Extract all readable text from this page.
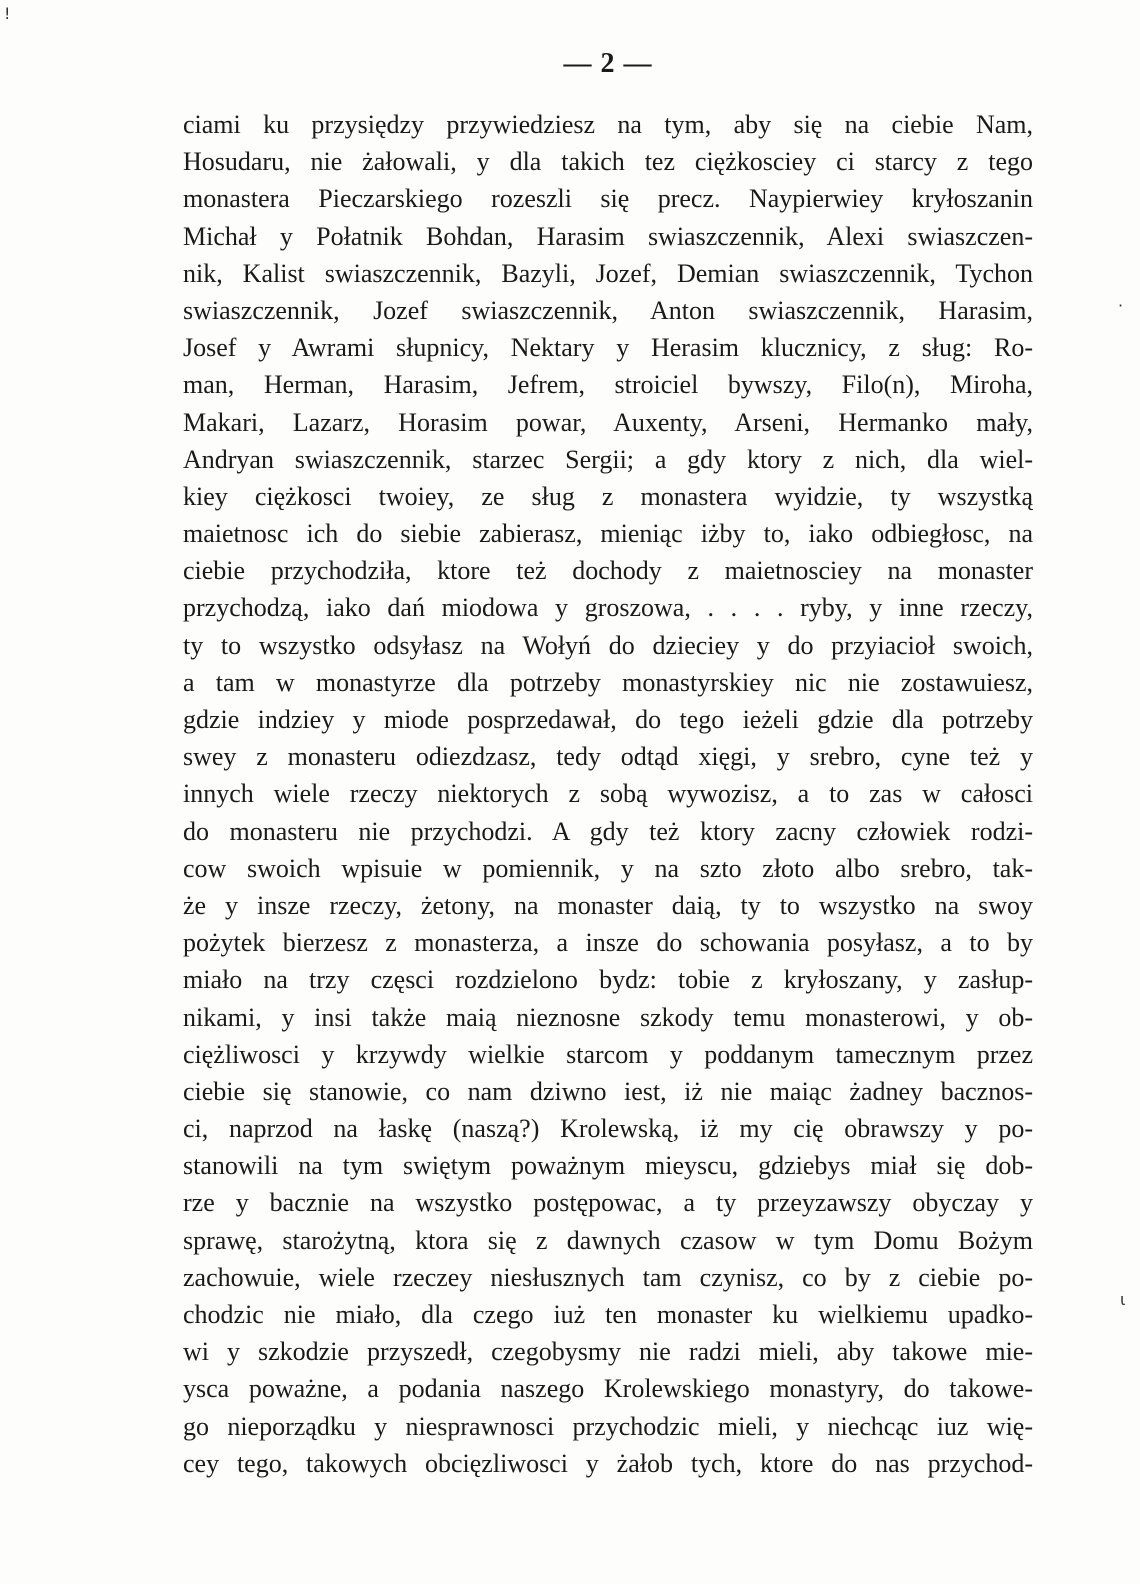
— 2 —
ciami ku przysiędzy przywiedziesz na tym, aby się na ciebie Nam,
Hosudaru, nie żałowali, y dla takich tez ciężkosciey ci starcy z tego
monastera Pieczarskiego rozeszli się precz. Naypierwiey kryłoszanin
Michał y Połatnik Bohdan, Harasim swiaszczennik, Alexi swiaszczen-
nik, Kalist swiaszczennik, Bazyli, Jozef, Demian swiaszczennik, Tychon
swiaszczennik, Jozef swiaszczennik, Anton swiaszczennik, Harasim,
Josef y Awrami słupnicy, Nektary y Herasim klucznicy, z sług: Ro-
man, Herman, Harasim, Jefrem, stroiciel bywszy, Filo(n), Miroha,
Makari, Lazarz, Horasim powar, Auxenty, Arseni, Hermanko mały,
Andryan swiaszczennik, starzec Sergii; a gdy ktory z nich, dla wiel-
kiey ciężkosci twoiey, ze sług z monastera wyidzie, ty wszystką
maietnosc ich do siebie zabierasz, mieniąc iżby to, iako odbiegłosc, na
ciebie przychodziła, ktore też dochody z maietnosciey na monaster
przychodzą, iako dań miodowa y groszowa, . . . . ryby, y inne rzeczy,
ty to wszystko odsyłasz na Wołyń do dzieciey y do przyiacioł swoich,
a tam w monastyrze dla potrzeby monastyrskiey nic nie zostawuiesz,
gdzie indziey y miode posprzedawał, do tego ieżeli gdzie dla potrzeby
swey z monasteru odiezdzasz, tedy odtąd xięgi, y srebro, cyne też y
innych wiele rzeczy niektorych z sobą wywozisz, a to zas w całosci
do monasteru nie przychodzi. A gdy też ktory zacny człowiek rodzi-
cow swoich wpisuie w pomiennik, y na szto złoto albo srebro, tak-
że y insze rzeczy, żetony, na monaster daią, ty to wszystko na swoy
pożytek bierzesz z monasterza, a insze do schowania posyłasz, a to by
miało na trzy częsci rozdzielono bydz: tobie z kryłoszany, y zasłup-
nikami, y insi także maią nieznosne szkody temu monasterowi, y ob-
ciężliwosci y krzywdy wielkie starcom y poddanym tamecznym przez
ciebie się stanowie, co nam dziwno iest, iż nie maiąc żadney bacznos-
ci, naprzod na łaskę (naszą?) Krolewską, iż my cię obrawszy y po-
stanowili na tym swiętym poważnym mieyscu, gdziebys miał się dob-
rze y bacznie na wszystko postępowac, a ty przeyzawszy obyczay y
sprawę, starożytną, ktora się z dawnych czasow w tym Domu Bożym
zachowuie, wiele rzeczey niesłusznych tam czynisz, co by z ciebie po-
chodzic nie miało, dla czego iuż ten monaster ku wielkiemu upadko-
wi y szkodzie przyszedł, czegobysmy nie radzi mieli, aby takowe mie-
ysca poważne, a podania naszego Krolewskiego monastyry, do takowe-
go nieporządku y niesprawnosci przychodzic mieli, y niechcąc iuz wię-
cey tego, takowych obcięzliwosci y żałob tych, ktore do nas przychod-
!
·
ι
